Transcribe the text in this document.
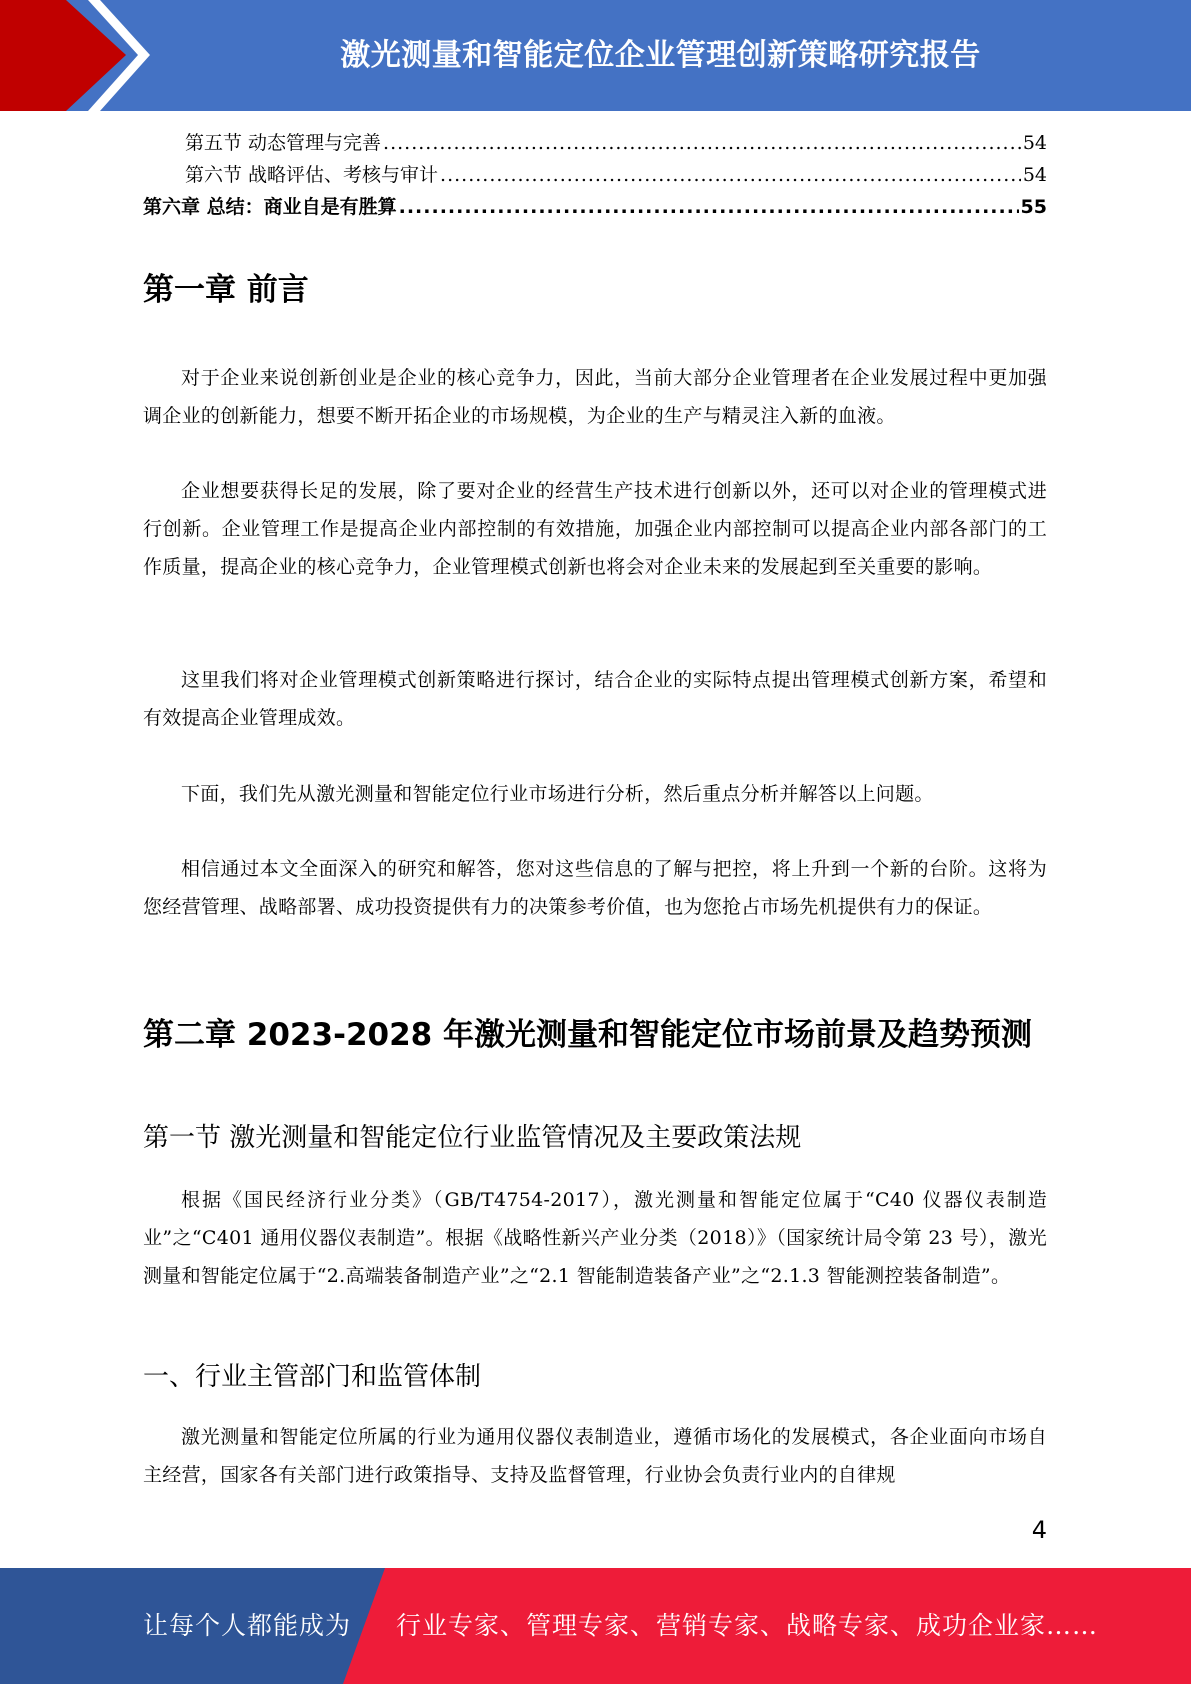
激光测量和智能定位企业管理创新策略研究报告
第五节 动态管理与完善 .....	54
第六节 战略评估、考核与审计 .....	54
第六章 总结：商业自是有胜算 .....	55
第一章 前言

对于企业来说创新创业是企业的核心竞争力，因此，当前大部分企业管理者在企业发展过程中更加强调企业的创新能力，想要不断开拓企业的市场规模，为企业的生产与精灵注入新的血液。

企业想要获得长足的发展，除了要对企业的经营生产技术进行创新以外，还可以对企业的管理模式进行创新。企业管理工作是提高企业内部控制的有效措施，加强企业内部控制可以提高企业内部各部门的工作质量，提高企业的核心竞争力，企业管理模式创新也将会对企业未来的发展起到至关重要的影响。

这里我们将对企业管理模式创新策略进行探讨，结合企业的实际特点提出管理模式创新方案，希望和有效提高企业管理成效。

下面，我们先从激光测量和智能定位行业市场进行分析，然后重点分析并解答以上问题。

相信通过本文全面深入的研究和解答，您对这些信息的了解与把控，将上升到一个新的台阶。这将为您经营管理、战略部署、成功投资提供有力的决策参考价值，也为您抢占市场先机提供有力的保证。

第二章 2023-2028 年激光测量和智能定位市场前景及趋势预测
第一节 激光测量和智能定位行业监管情况及主要政策法规

根据《国民经济行业分类》（GB/T4754-2017），激光测量和智能定位属于“C40 仪器仪表制造业”之“C401 通用仪器仪表制造”。根据《战略性新兴产业分类（2018）》（国家统计局令第 23 号），激光测量和智能定位属于“2.高端装备制造产业”之“2.1 智能制造装备产业”之“2.1.3 智能测控装备制造”。

一、行业主管部门和监管体制

激光测量和智能定位所属的行业为通用仪器仪表制造业，遵循市场化的发展模式，各企业面向市场自主经营，国家各有关部门进行政策指导、支持及监督管理，行业协会负责行业内的自律规

4
让每个人都能成为 行业专家、管理专家、营销专家、战略专家、成功企业家……
